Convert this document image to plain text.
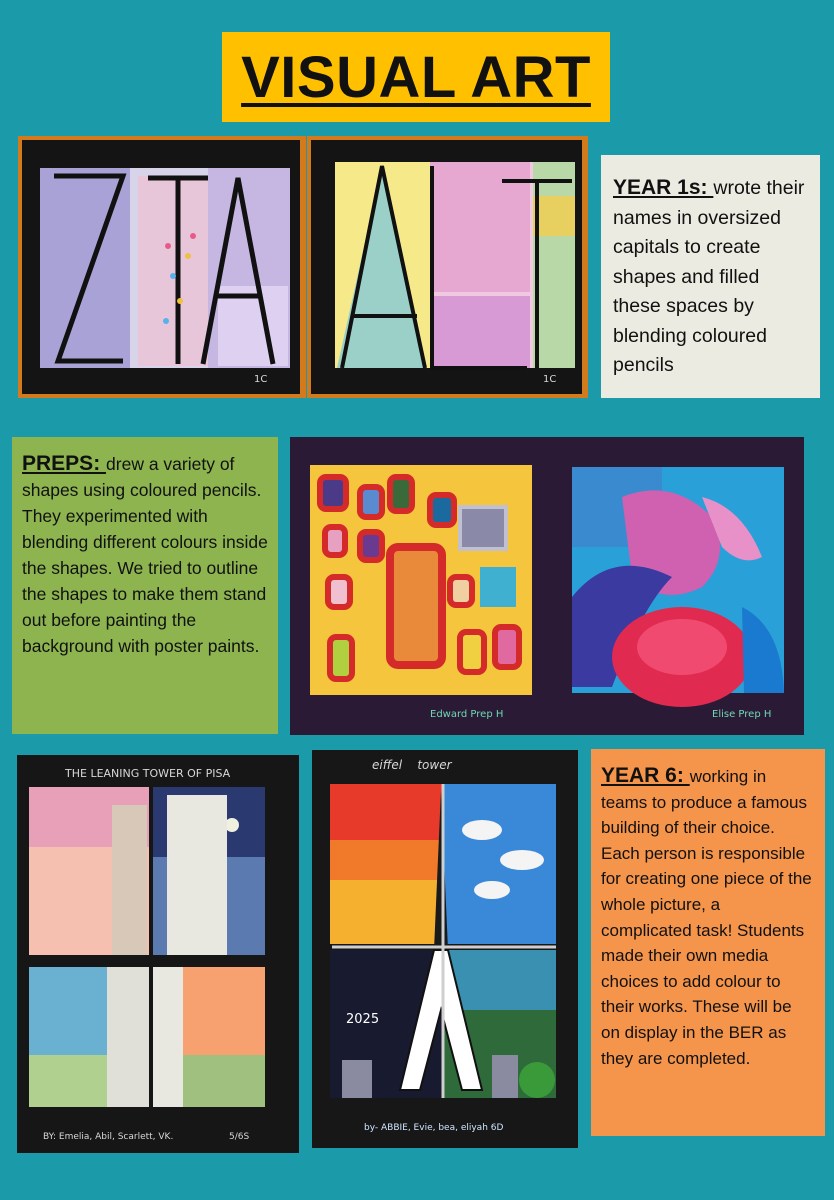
VISUAL ART
1C	1C
YEAR 1s: wrote their names in oversized capitals to create shapes and filled these spaces by blending coloured pencils
PREPS: drew a variety of shapes using coloured pencils. They experimented with blending different colours inside the shapes. We tried to outline the shapes to make them stand out before painting the background with poster paints.
Edward Prep H	Elise Prep H
THE LEANING TOWER OF PISA
BY: Emelia, Abil, Scarlett, VK.	5/6S
eiffel    tower
2025
by- ABBIE, Evie, bea, eliyah 6D
YEAR 6: working in teams to produce a famous building of their choice. Each person is responsible for creating one piece of the whole picture, a complicated task! Students made their own media choices to add colour to their works. These will be on display in the BER as they are completed.
